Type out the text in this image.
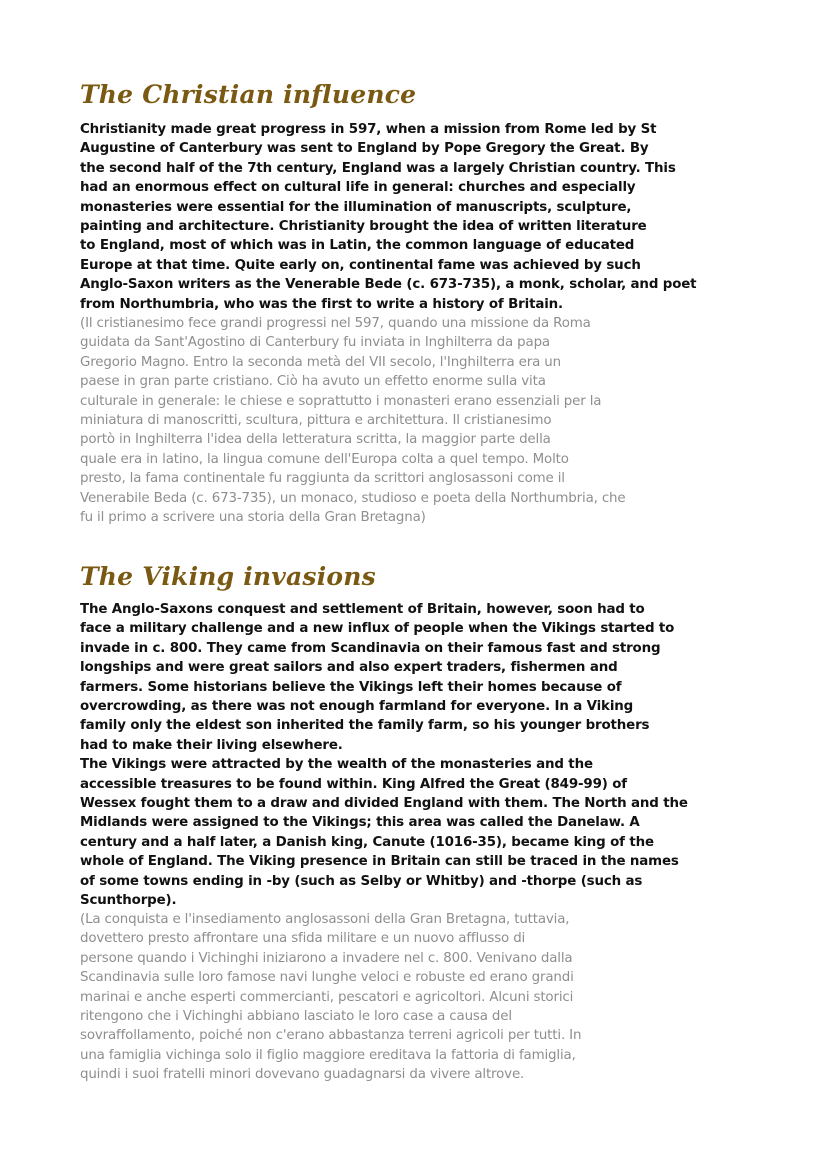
The Christian influence
Christianity made great progress in 597, when a mission from Rome led by St
Augustine of Canterbury was sent to England by Pope Gregory the Great. By
the second half of the 7th century, England was a largely Christian country. This
had an enormous effect on cultural life in general: churches and especially
monasteries were essential for the illumination of manuscripts, sculpture,
painting and architecture. Christianity brought the idea of written literature
to England, most of which was in Latin, the common language of educated
Europe at that time. Quite early on, continental fame was achieved by such
Anglo-Saxon writers as the Venerable Bede (c. 673-735), a monk, scholar, and poet
from Northumbria, who was the first to write a history of Britain.
(Il cristianesimo fece grandi progressi nel 597, quando una missione da Roma
guidata da Sant'Agostino di Canterbury fu inviata in Inghilterra da papa
Gregorio Magno. Entro la seconda metà del VII secolo, l'Inghilterra era un
paese in gran parte cristiano. Ciò ha avuto un effetto enorme sulla vita
culturale in generale: le chiese e soprattutto i monasteri erano essenziali per la
miniatura di manoscritti, scultura, pittura e architettura. Il cristianesimo
portò in Inghilterra l'idea della letteratura scritta, la maggior parte della
quale era in latino, la lingua comune dell'Europa colta a quel tempo. Molto
presto, la fama continentale fu raggiunta da scrittori anglosassoni come il
Venerabile Beda (c. 673-735), un monaco, studioso e poeta della Northumbria, che
fu il primo a scrivere una storia della Gran Bretagna)
The Viking invasions
The Anglo-Saxons conquest and settlement of Britain, however, soon had to
face a military challenge and a new influx of people when the Vikings started to
invade in c. 800. They came from Scandinavia on their famous fast and strong
longships and were great sailors and also expert traders, fishermen and
farmers. Some historians believe the Vikings left their homes because of
overcrowding, as there was not enough farmland for everyone. In a Viking
family only the eldest son inherited the family farm, so his younger brothers
had to make their living elsewhere.
The Vikings were attracted by the wealth of the monasteries and the
accessible treasures to be found within. King Alfred the Great (849-99) of
Wessex fought them to a draw and divided England with them. The North and the
Midlands were assigned to the Vikings; this area was called the Danelaw. A
century and a half later, a Danish king, Canute (1016-35), became king of the
whole of England. The Viking presence in Britain can still be traced in the names
of some towns ending in -by (such as Selby or Whitby) and -thorpe (such as
Scunthorpe).
(La conquista e l'insediamento anglosassoni della Gran Bretagna, tuttavia,
dovettero presto affrontare una sfida militare e un nuovo afflusso di
persone quando i Vichinghi iniziarono a invadere nel c. 800. Venivano dalla
Scandinavia sulle loro famose navi lunghe veloci e robuste ed erano grandi
marinai e anche esperti commercianti, pescatori e agricoltori. Alcuni storici
ritengono che i Vichinghi abbiano lasciato le loro case a causa del
sovraffollamento, poiché non c'erano abbastanza terreni agricoli per tutti. In
una famiglia vichinga solo il figlio maggiore ereditava la fattoria di famiglia,
quindi i suoi fratelli minori dovevano guadagnarsi da vivere altrove.
